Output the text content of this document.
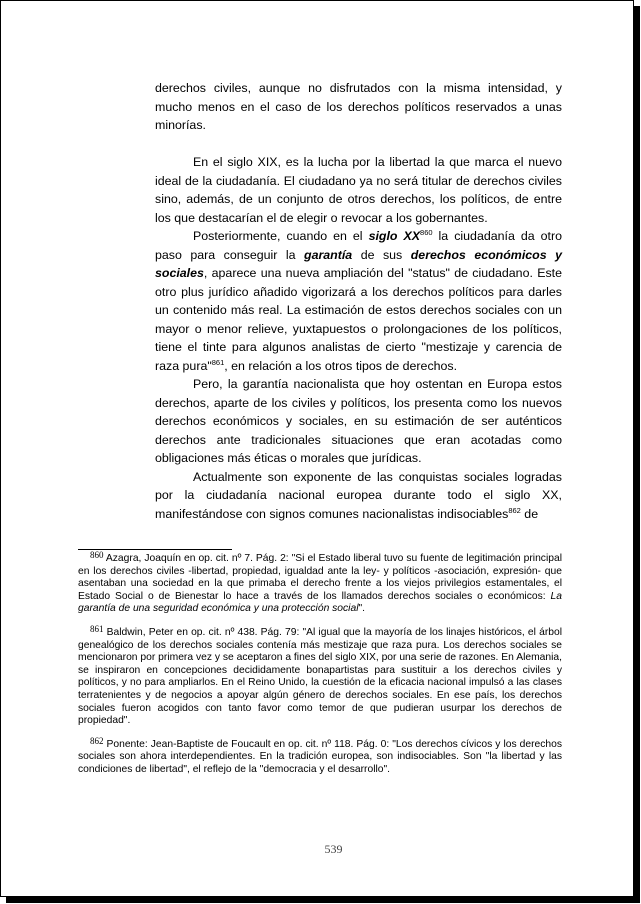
derechos civiles, aunque no disfrutados con la misma intensidad, y mucho menos en el caso de los derechos políticos reservados a unas minorías.

En el siglo XIX, es la lucha por la libertad la que marca el nuevo ideal de la ciudadanía. El ciudadano ya no será titular de derechos civiles sino, además, de un conjunto de otros derechos, los políticos, de entre los que destacarían el de elegir o revocar a los gobernantes.

Posteriormente, cuando en el siglo XX$^{860}$ la ciudadanía da otro paso para conseguir la garantía de sus derechos económicos y sociales, aparece una nueva ampliación del "status" de ciudadano. Este otro plus jurídico añadido vigorizará a los derechos políticos para darles un contenido más real. La estimación de estos derechos sociales con un mayor o menor relieve, yuxtapuestos o prolongaciones de los políticos, tiene el tinte para algunos analistas de cierto "mestizaje y carencia de raza pura"$^{861}$, en relación a los otros tipos de derechos.

Pero, la garantía nacionalista que hoy ostentan en Europa estos derechos, aparte de los civiles y políticos, los presenta como los nuevos derechos económicos y sociales, en su estimación de ser auténticos derechos ante tradicionales situaciones que eran acotadas como obligaciones más éticas o morales que jurídicas.

Actualmente son exponente de las conquistas sociales logradas por la ciudadanía nacional europea durante todo el siglo XX, manifestándose con signos comunes nacionalistas indisociables$^{862}$ de

860 Azagra, Joaquín en op. cit. nº 7. Pág. 2: "Si el Estado liberal tuvo su fuente de legitimación principal en los derechos civiles -libertad, propiedad, igualdad ante la ley- y políticos -asociación, expresión- que asentaban una sociedad en la que primaba el derecho frente a los viejos privilegios estamentales, el Estado Social o de Bienestar lo hace a través de los llamados derechos sociales o económicos: La garantía de una seguridad económica y una protección social".

861 Baldwin, Peter en op. cit. nº 438. Pág. 79: "Al igual que la mayoría de los linajes históricos, el árbol genealógico de los derechos sociales contenía más mestizaje que raza pura. Los derechos sociales se mencionaron por primera vez y se aceptaron a fines del siglo XIX, por una serie de razones. En Alemania, se inspiraron en concepciones decididamente bonapartistas para sustituir a los derechos civiles y políticos, y no para ampliarlos. En el Reino Unido, la cuestión de la eficacia nacional impulsó a las clases terratenientes y de negocios a apoyar algún género de derechos sociales. En ese país, los derechos sociales fueron acogidos con tanto favor como temor de que pudieran usurpar los derechos de propiedad".

862 Ponente: Jean-Baptiste de Foucault en op. cit. nº 118. Pág. 0: "Los derechos cívicos y los derechos sociales son ahora interdependientes. En la tradición europea, son indisociables. Son "la libertad y las condiciones de libertad", el reflejo de la "democracia y el desarrollo".

539
